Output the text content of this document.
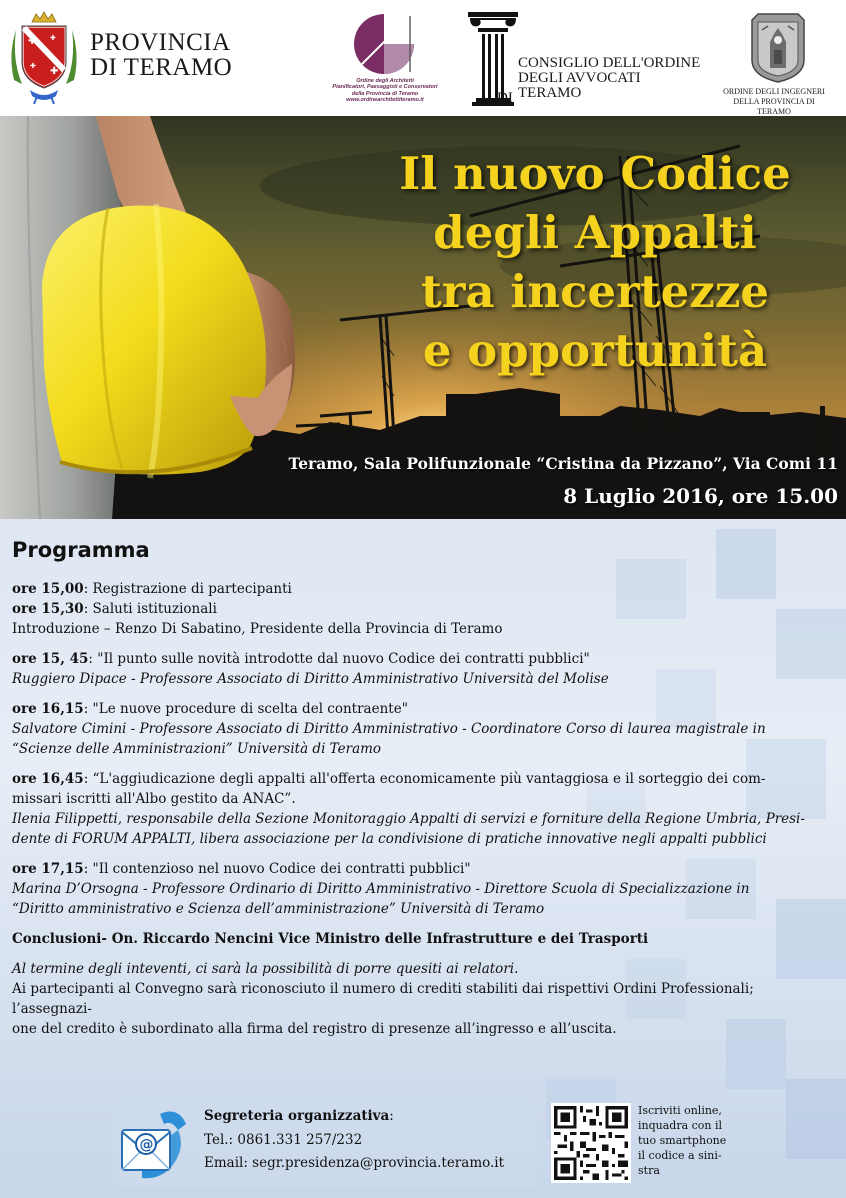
✚
✚
✚
✚
PROVINCIA
DI TERAMO	Ordine degli Architetti
Pianificatori, Paesaggisti e Conservatori
della Provincia di Teramo
www.ordinearchitettiteramo.it
CONSIGLIO DELL'ORDINE
DEGLI AVVOCATI
TERAMO
DI	ORDINE DEGLI INGEGNERI
DELLA PROVINCIA DI TERAMO
Il nuovo Codice
degli Appalti
tra incertezze
e opportunità
Teramo, Sala Polifunzionale “Cristina da Pizzano”, Via Comi 11
8 Luglio 2016, ore 15.00
Programma
ore 15,00: Registrazione di partecipanti
ore 15,30: Saluti istituzionali
Introduzione – Renzo Di Sabatino, Presidente della Provincia di Teramo
ore 15, 45: "Il punto sulle novità introdotte dal nuovo Codice dei contratti pubblici"
Ruggiero Dipace - Professore Associato di Diritto Amministrativo Università del Molise
ore 16,15: "Le nuove procedure di scelta del contraente"
Salvatore Cimini - Professore Associato di Diritto Amministrativo - Coordinatore Corso di laurea magistrale in
“Scienze delle Amministrazioni” Università di Teramo
ore 16,45: “L'aggiudicazione degli appalti all'offerta economicamente più vantaggiosa e il sorteggio dei com-
missari iscritti all'Albo gestito da ANAC”.
Ilenia Filippetti, responsabile della Sezione Monitoraggio Appalti di servizi e forniture della Regione Umbria, Presi-
dente di FORUM APPALTI, libera associazione per la condivisione di pratiche innovative negli appalti pubblici
ore 17,15: "Il contenzioso nel nuovo Codice dei contratti pubblici"
Marina D’Orsogna - Professore Ordinario di Diritto Amministrativo - Direttore Scuola di Specializzazione in
“Diritto amministrativo e Scienza dell’amministrazione” Università di Teramo
Conclusioni- On. Riccardo Nencini Vice Ministro delle Infrastrutture e dei Trasporti
Al termine degli inteventi, ci sarà la possibilità di porre quesiti ai relatori.
Ai partecipanti al Convegno sarà riconosciuto il numero di crediti stabiliti dai rispettivi Ordini Professionali; l’assegnazi-
one del credito è subordinato alla firma del registro di presenze all’ingresso e all’uscita.
@
Segreteria organizzativa:
Tel.: 0861.331 257/232
Email: segr.presidenza@provincia.teramo.it
Iscriviti online,
inquadra con il
tuo smartphone
il codice a sini-
stra
